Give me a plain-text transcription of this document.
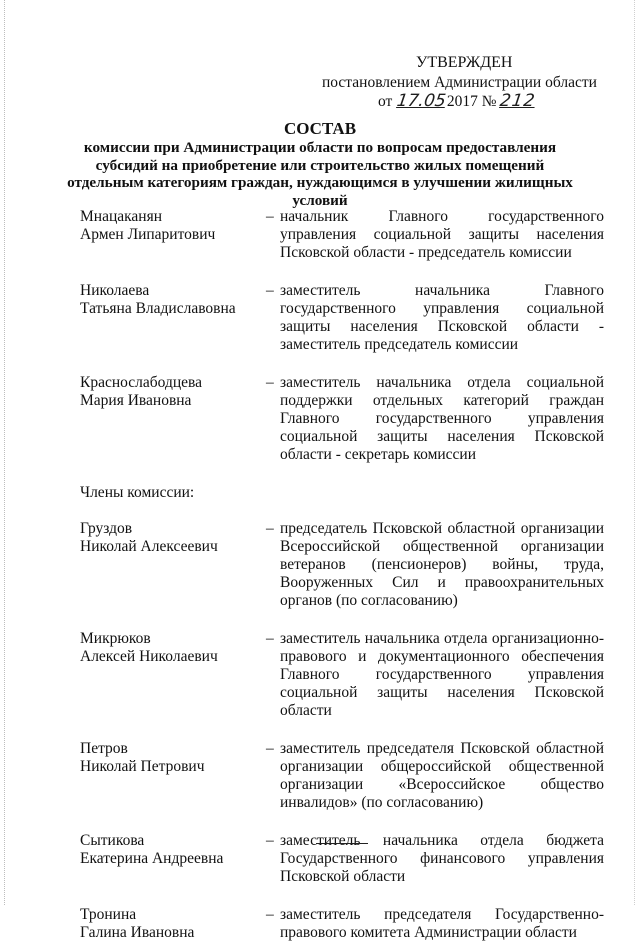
УТВЕРЖДЕН
постановлением Администрации области
от 17.052017 № 212
СОСТАВ
комиссии при Администрации области по вопросам предоставления субсидий на приобретение или строительство жилых помещений отдельным категориям граждан, нуждающимся в улучшении жилищных условий
Мнацаканян
Армен Липаритович
– начальник Главного государственного управления социальной защиты населения Псковской области - председатель комиссии
Николаева
Татьяна Владиславовна
– заместитель начальника Главного государственного управления социальной защиты населения Псковской области - заместитель председатель комиссии
Краснослабодцева
Мария Ивановна
– заместитель начальника отдела социальной поддержки отдельных категорий граждан Главного государственного управления социальной защиты населения Псковской области - секретарь комиссии
Члены комиссии:
Груздов
Николай Алексеевич
– председатель Псковской областной организации Всероссийской общественной организации ветеранов (пенсионеров) войны, труда, Вооруженных Сил и правоохранительных органов (по согласованию)
Микрюков
Алексей Николаевич
– заместитель начальника отдела организационно-правового и документационного обеспечения Главного государственного управления социальной защиты населения Псковской области
Петров
Николай Петрович
– заместитель председателя Псковской областной организации общероссийской общественной организации «Всероссийское общество инвалидов» (по согласованию)
Сытикова
Екатерина Андреевна
– заместитель начальника отдела бюджета Государственного финансового управления Псковской области
Тронина
Галина Ивановна
– заместитель председателя Государственно-правового комитета Администрации области
